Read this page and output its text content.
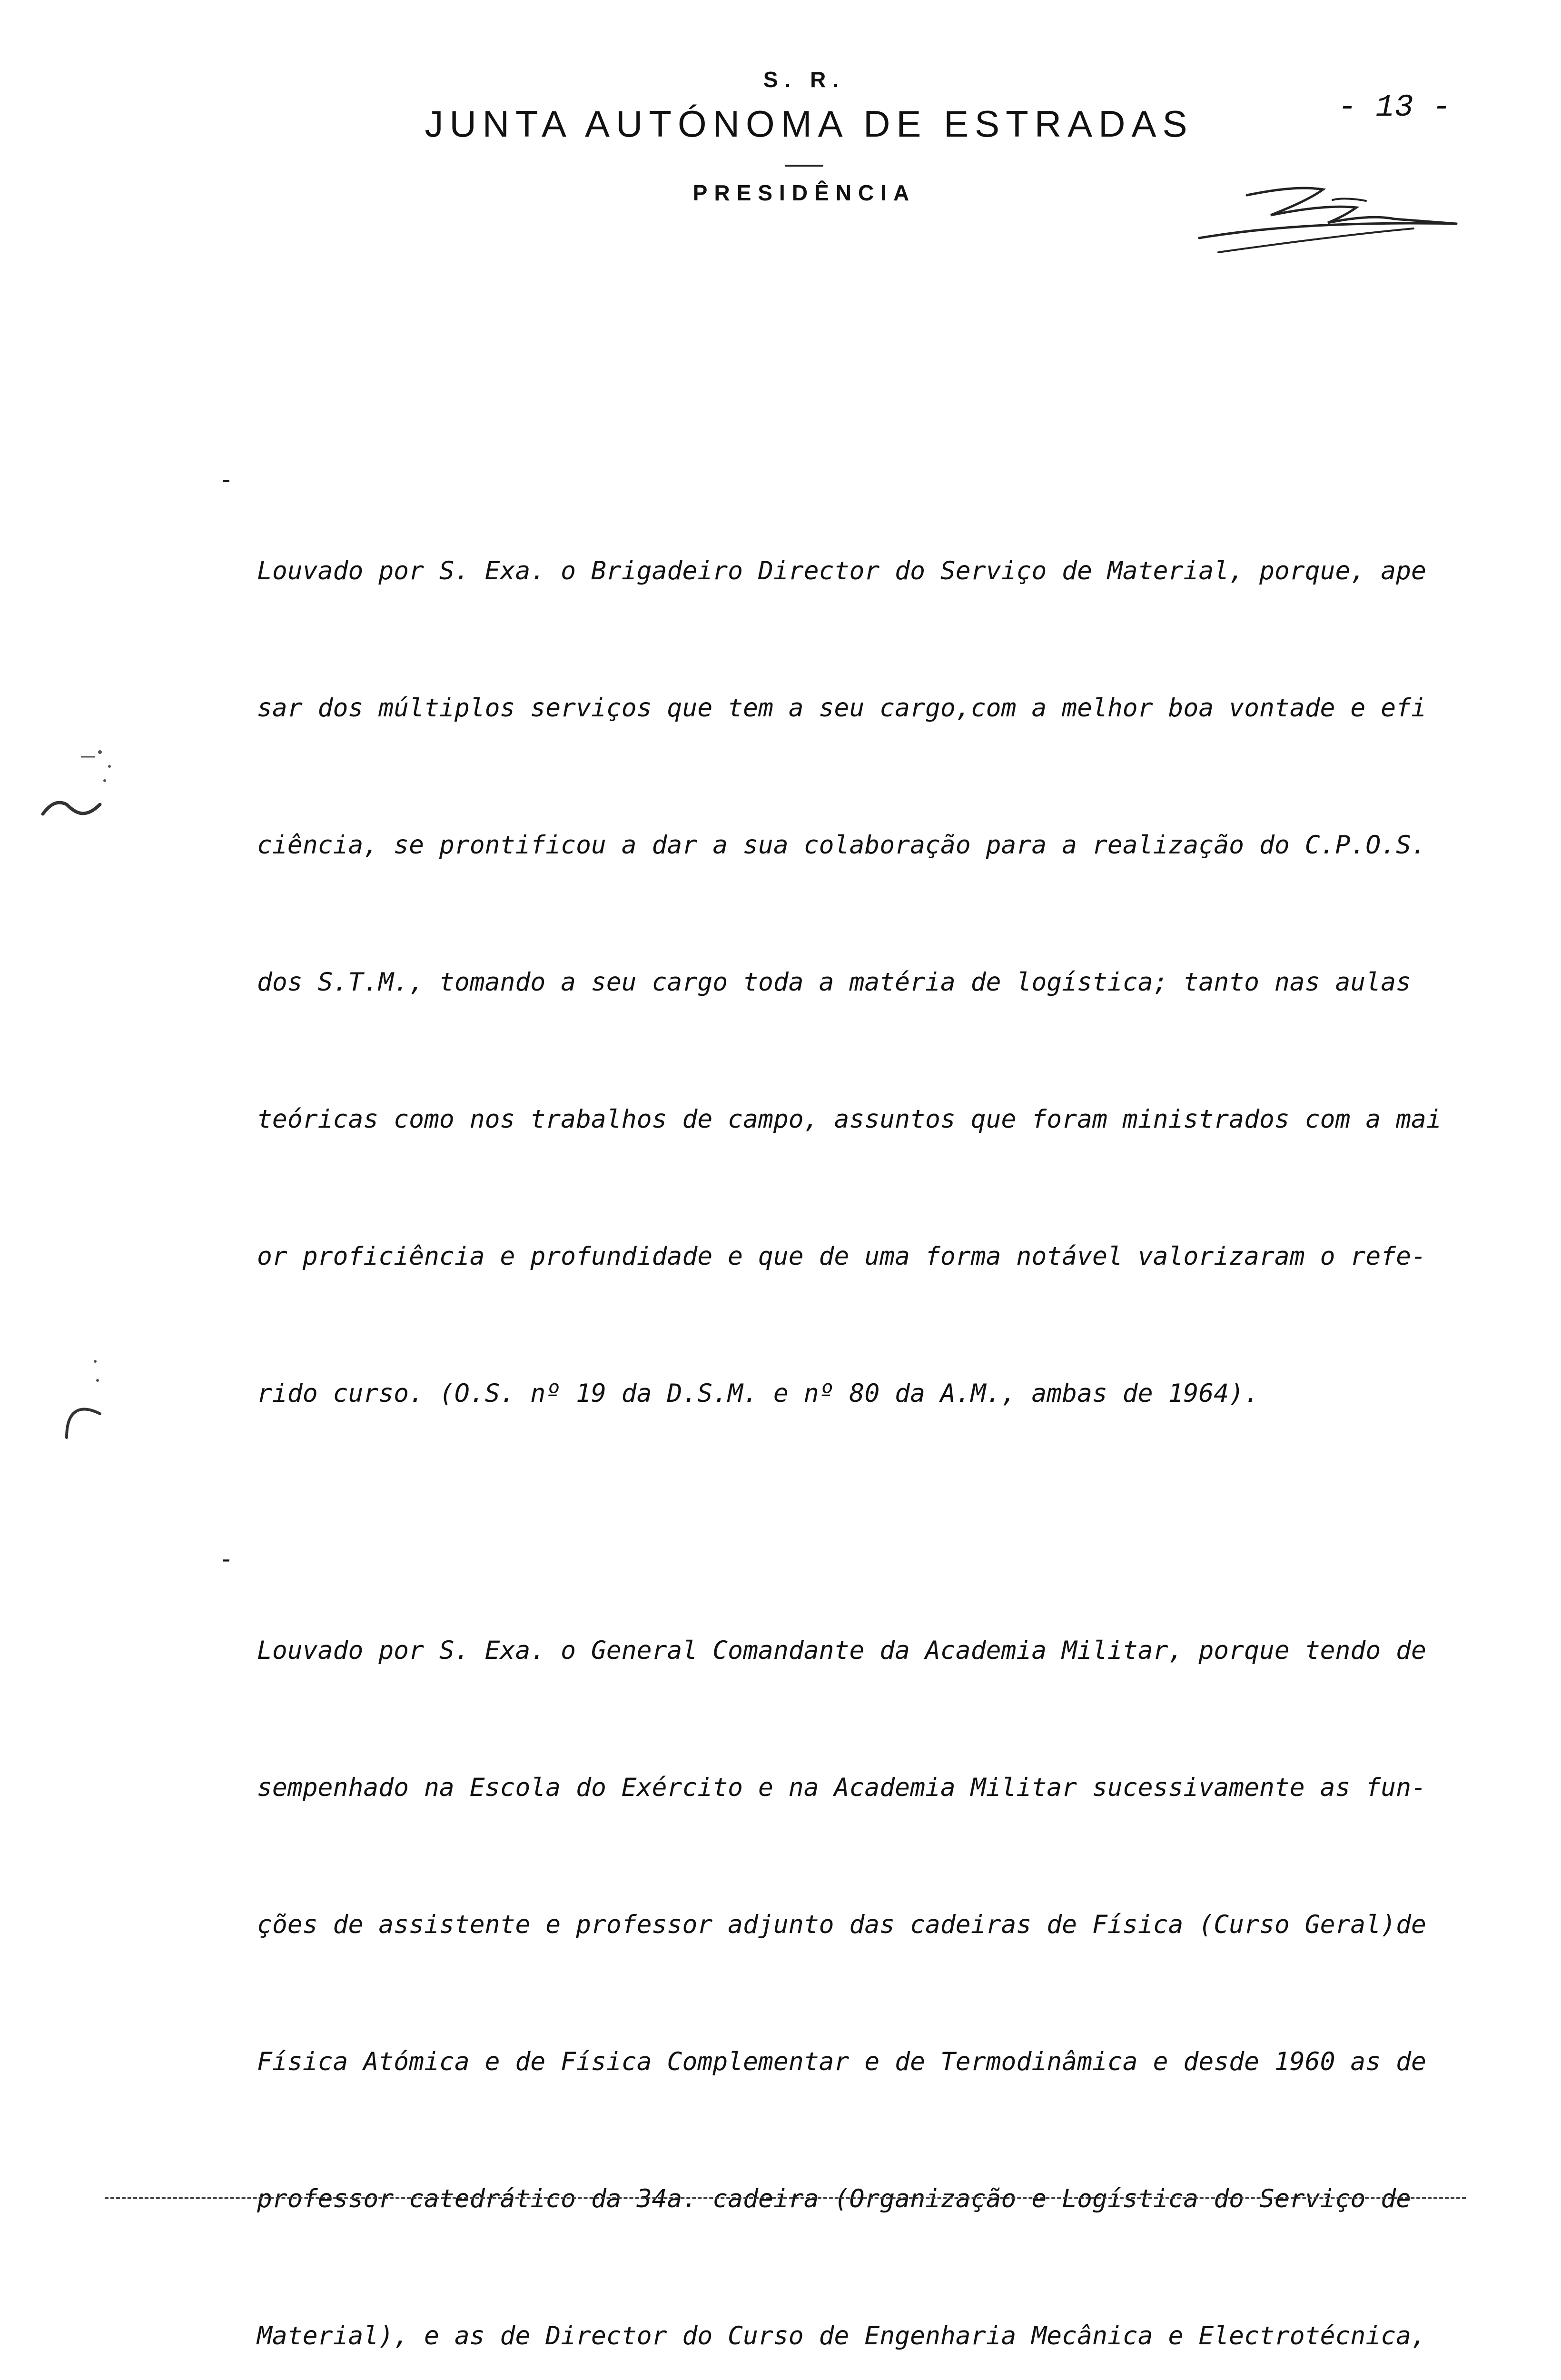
S. R.
JUNTA AUTÓNOMA DE ESTRADAS
PRESIDÊNCIA
- 13 -
-

Louvado por S. Exa. o Brigadeiro Director do Serviço de Material, porque, ape

sar dos múltiplos serviços que tem a seu cargo,com a melhor boa vontade e efi

ciência, se prontificou a dar a sua colaboração para a realização do C.P.O.S.

dos S.T.M., tomando a seu cargo toda a matéria de logística; tanto nas aulas

teóricas como nos trabalhos de campo, assuntos que foram ministrados com a mai

or proficiência e profundidade e que de uma forma notável valorizaram o refe-

rido curso. (O.S. nº 19 da D.S.M. e nº 80 da A.M., ambas de 1964).

-

Louvado por S. Exa. o General Comandante da Academia Militar, porque tendo de

sempenhado na Escola do Exército e na Academia Militar sucessivamente as fun-

ções de assistente e professor adjunto das cadeiras de Física (Curso Geral)de

Física Atómica e de Física Complementar e de Termodinâmica e desde 1960 as de

professor catedrático da 34a. cadeira (Organização e Logística do Serviço de

Material), e as de Director do Curso de Engenharia Mecânica e Electrotécnica,
